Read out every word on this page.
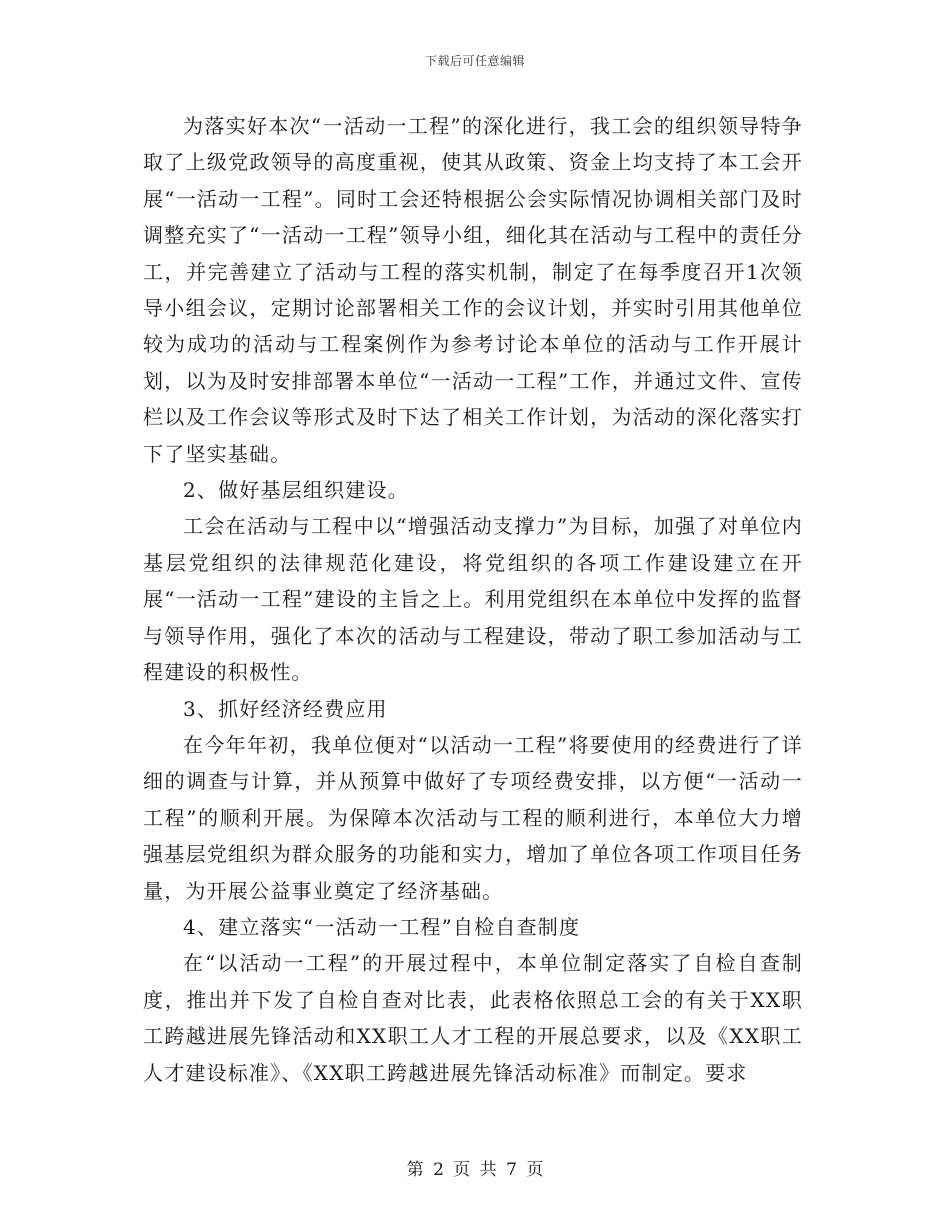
下载后可任意编辑

为落实好本次“一活动一工程”的深化进行，我工会的组织领导特争取了上级党政领导的高度重视，使其从政策、资金上均支持了本工会开展“一活动一工程”。同时工会还特根据公会实际情况协调相关部门及时调整充实了“一活动一工程”领导小组，细化其在活动与工程中的责任分工，并完善建立了活动与工程的落实机制，制定了在每季度召开1次领导小组会议，定期讨论部署相关工作的会议计划，并实时引用其他单位较为成功的活动与工程案例作为参考讨论本单位的活动与工作开展计划，以为及时安排部署本单位“一活动一工程”工作，并通过文件、宣传栏以及工作会议等形式及时下达了相关工作计划，为活动的深化落实打下了坚实基础。

2、做好基层组织建设。

工会在活动与工程中以“增强活动支撑力”为目标，加强了对单位内基层党组织的法律规范化建设，将党组织的各项工作建设建立在开展“一活动一工程”建设的主旨之上。利用党组织在本单位中发挥的监督与领导作用，强化了本次的活动与工程建设，带动了职工参加活动与工程建设的积极性。

3、抓好经济经费应用

在今年年初，我单位便对“以活动一工程”将要使用的经费进行了详细的调查与计算，并从预算中做好了专项经费安排，以方便“一活动一工程”的顺利开展。为保障本次活动与工程的顺利进行，本单位大力增强基层党组织为群众服务的功能和实力，增加了单位各项工作项目任务量，为开展公益事业奠定了经济基础。

4、建立落实“一活动一工程”自检自查制度

在“以活动一工程”的开展过程中，本单位制定落实了自检自查制度，推出并下发了自检自查对比表，此表格依照总工会的有关于XX职工跨越进展先锋活动和XX职工人才工程的开展总要求，以及《XX职工人才建设标准》、《XX职工跨越进展先锋活动标准》而制定。要求

第 2 页 共 7 页
